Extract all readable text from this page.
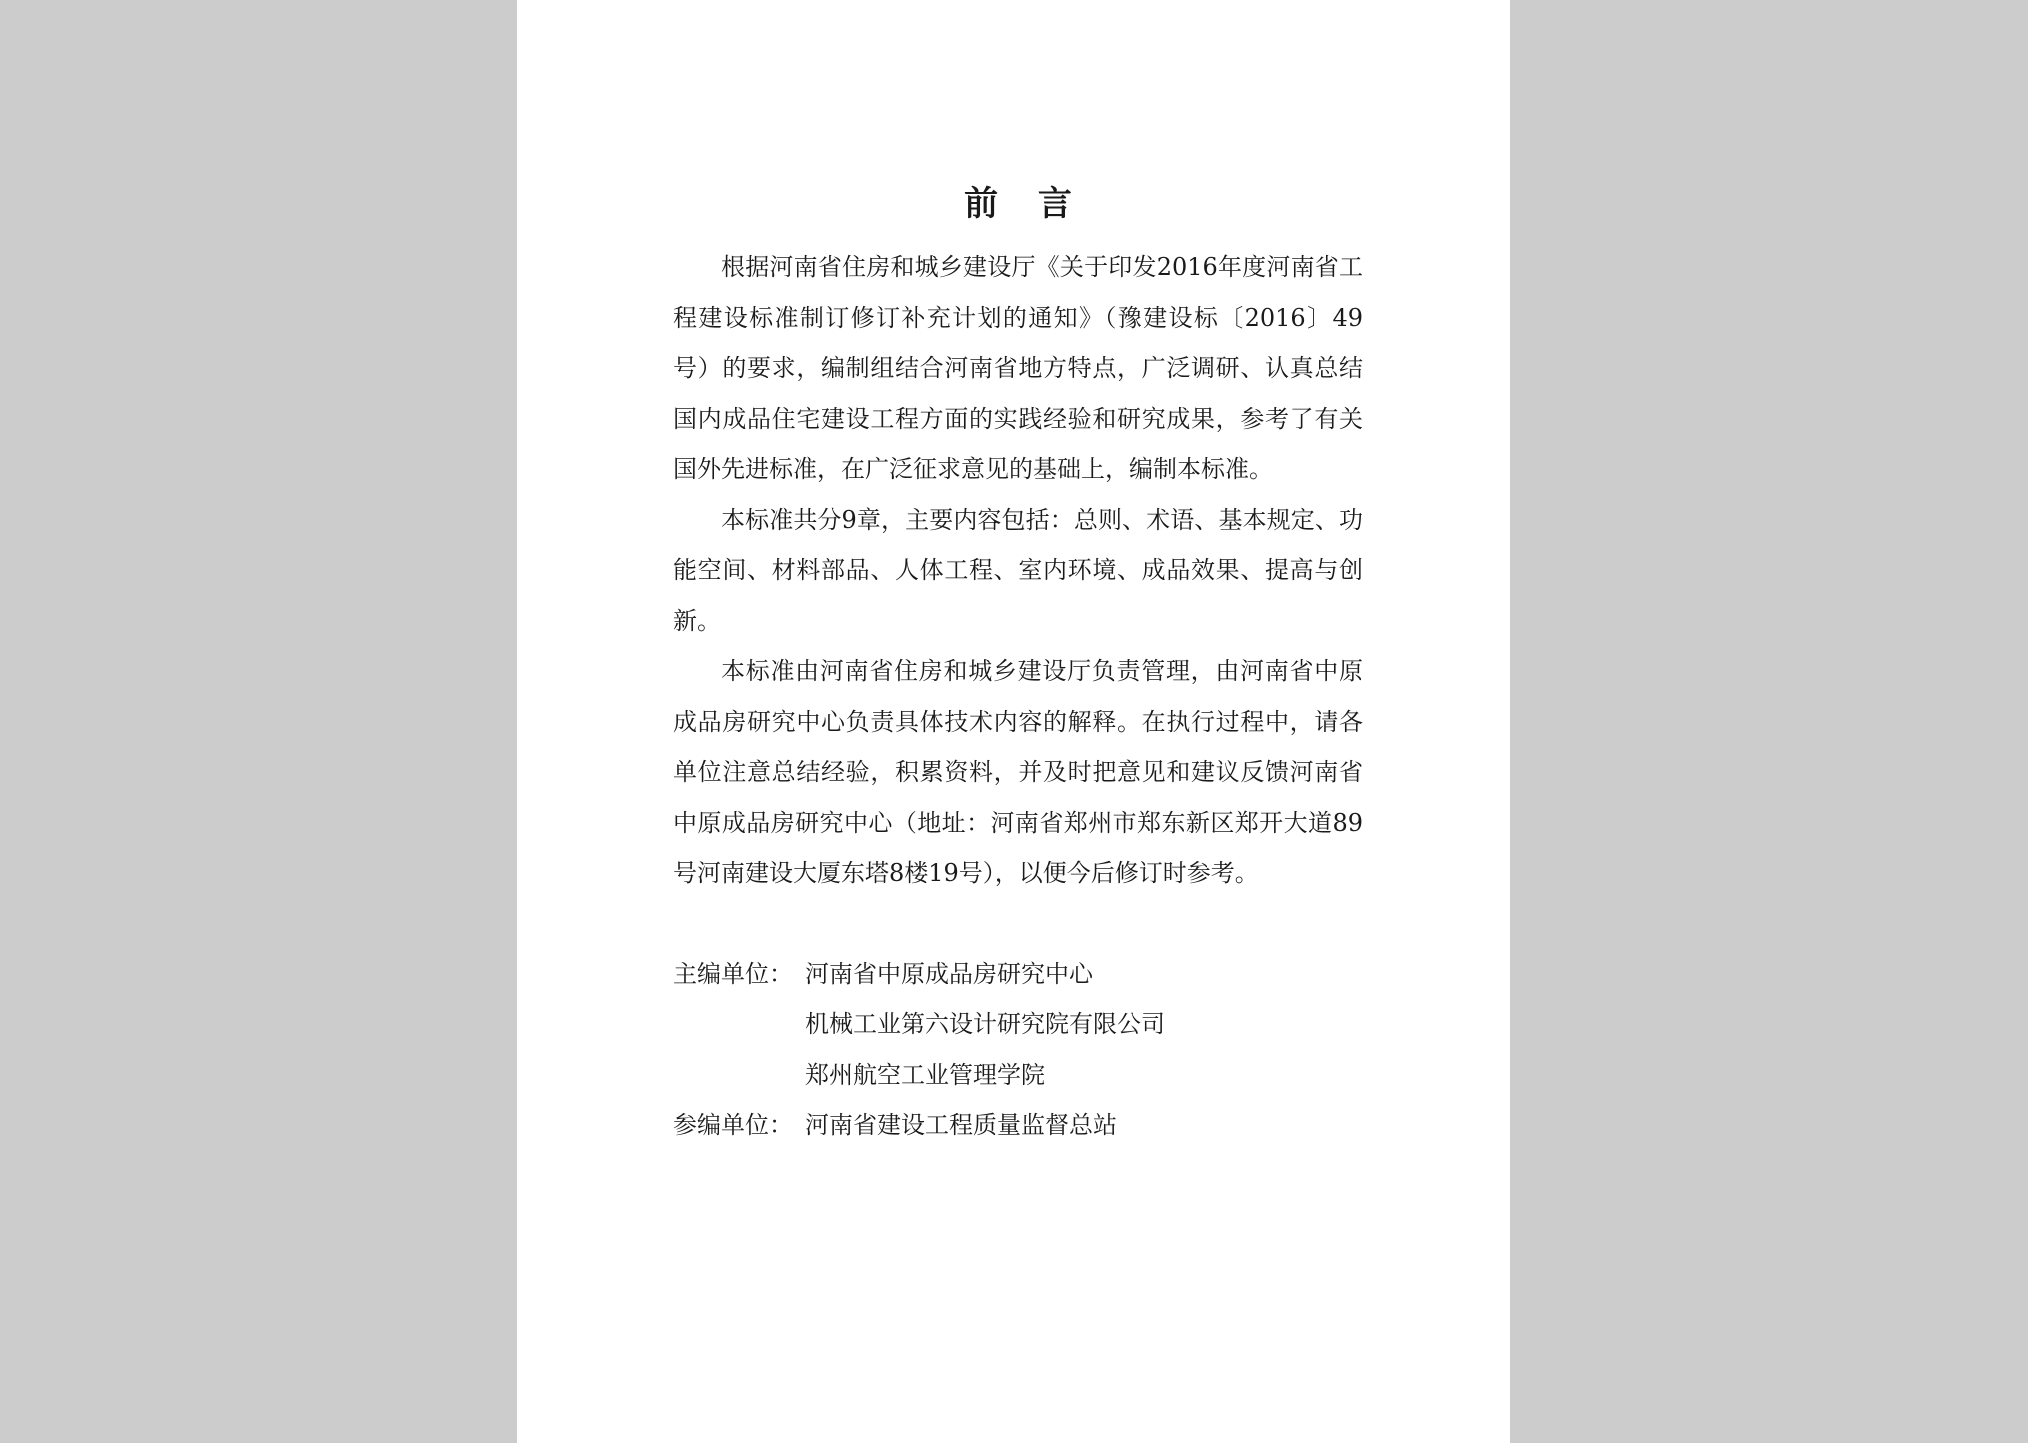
前 言

根据河南省住房和城乡建设厅《关于印发2016年度河南省工程建设标准制订修订补充计划的通知》（豫建设标〔2016〕49号）的要求，编制组结合河南省地方特点，广泛调研、认真总结国内成品住宅建设工程方面的实践经验和研究成果，参考了有关国外先进标准，在广泛征求意见的基础上，编制本标准。

本标准共分9章，主要内容包括：总则、术语、基本规定、功能空间、材料部品、人体工程、室内环境、成品效果、提高与创新。

本标准由河南省住房和城乡建设厅负责管理，由河南省中原成品房研究中心负责具体技术内容的解释。在执行过程中，请各单位注意总结经验，积累资料，并及时把意见和建议反馈河南省中原成品房研究中心（地址：河南省郑州市郑东新区郑开大道89号河南建设大厦东塔8楼19号），以便今后修订时参考。

主编单位： 河南省中原成品房研究中心
机械工业第六设计研究院有限公司
郑州航空工业管理学院
参编单位： 河南省建设工程质量监督总站
